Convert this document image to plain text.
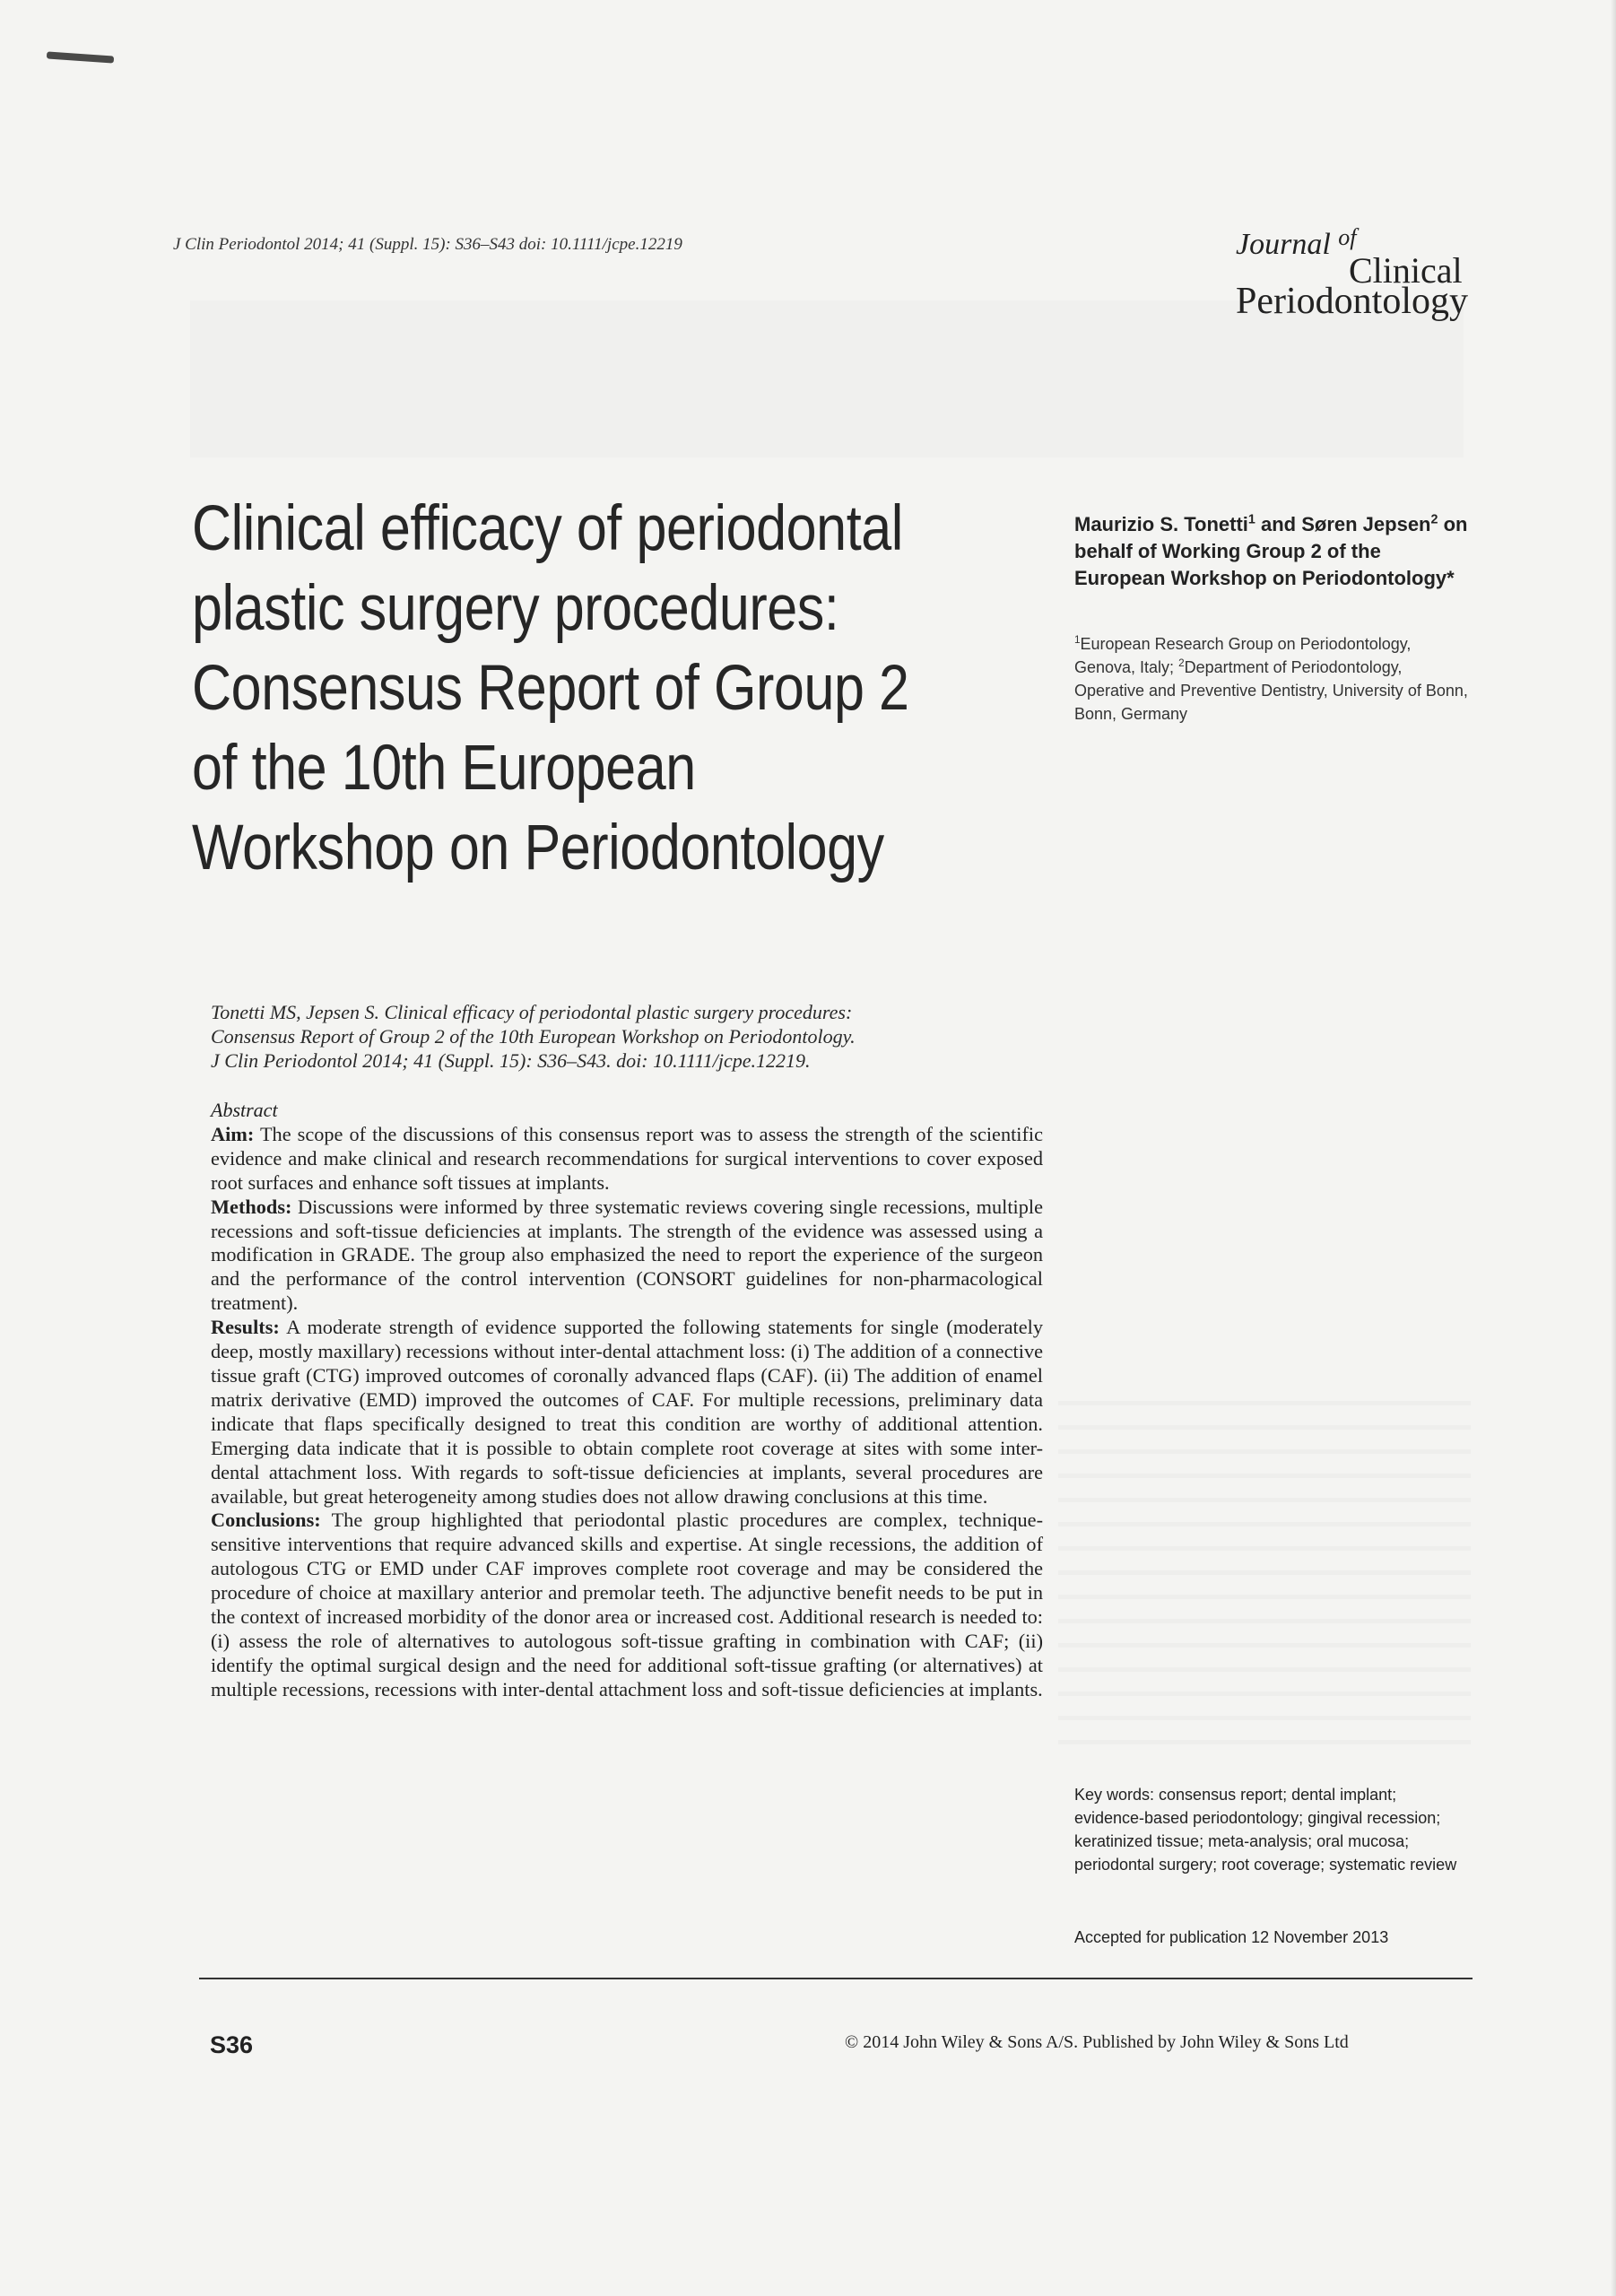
J Clin Periodontol 2014; 41 (Suppl. 15): S36–S43 doi: 10.1111/jcpe.12219	Journal $^{of}$
Clinical
Periodontology
Clinical efficacy of periodontal plastic surgery procedures: Consensus Report of Group 2 of the 10th European Workshop on Periodontology
Maurizio S. Tonetti$^1$ and Søren Jepsen$^2$ on behalf of Working Group 2 of the European Workshop on Periodontology*
$^1$European Research Group on Periodontology, Genova, Italy; $^2$Department of Periodontology, Operative and Preventive Dentistry, University of Bonn, Bonn, Germany
Tonetti MS, Jepsen S. Clinical efficacy of periodontal plastic surgery procedures:
Consensus Report of Group 2 of the 10th European Workshop on Periodontology.
J Clin Periodontol 2014; 41 (Suppl. 15): S36–S43. doi: 10.1111/jcpe.12219.
Abstract

Aim: The scope of the discussions of this consensus report was to assess the strength of the scientific evidence and make clinical and research recommendations for surgical interventions to cover exposed root surfaces and enhance soft tissues at implants.

Methods: Discussions were informed by three systematic reviews covering single recessions, multiple recessions and soft-tissue deficiencies at implants. The strength of the evidence was assessed using a modification in GRADE. The group also emphasized the need to report the experience of the surgeon and the performance of the control intervention (CONSORT guidelines for non-pharmacological treatment).

Results: A moderate strength of evidence supported the following statements for single (moderately deep, mostly maxillary) recessions without inter-dental attachment loss: (i) The addition of a connective tissue graft (CTG) improved outcomes of coronally advanced flaps (CAF). (ii) The addition of enamel matrix derivative (EMD) improved the outcomes of CAF. For multiple recessions, preliminary data indicate that flaps specifically designed to treat this condition are worthy of additional attention. Emerging data indicate that it is possible to obtain complete root coverage at sites with some inter-dental attachment loss. With regards to soft-tissue deficiencies at implants, several procedures are available, but great heterogeneity among studies does not allow drawing conclusions at this time.

Conclusions: The group highlighted that periodontal plastic procedures are complex, technique-sensitive interventions that require advanced skills and expertise. At single recessions, the addition of autologous CTG or EMD under CAF improves complete root coverage and may be considered the procedure of choice at maxillary anterior and premolar teeth. The adjunctive benefit needs to be put in the context of increased morbidity of the donor area or increased cost. Additional research is needed to: (i) assess the role of alternatives to autologous soft-tissue grafting in combination with CAF; (ii) identify the optimal surgical design and the need for additional soft-tissue grafting (or alternatives) at multiple recessions, recessions with inter-dental attachment loss and soft-tissue deficiencies at implants.

Key words: consensus report; dental implant; evidence-based periodontology; gingival recession; keratinized tissue; meta-analysis; oral mucosa; periodontal surgery; root coverage; systematic review
Accepted for publication 12 November 2013
S36	© 2014 John Wiley & Sons A/S. Published by John Wiley & Sons Ltd
